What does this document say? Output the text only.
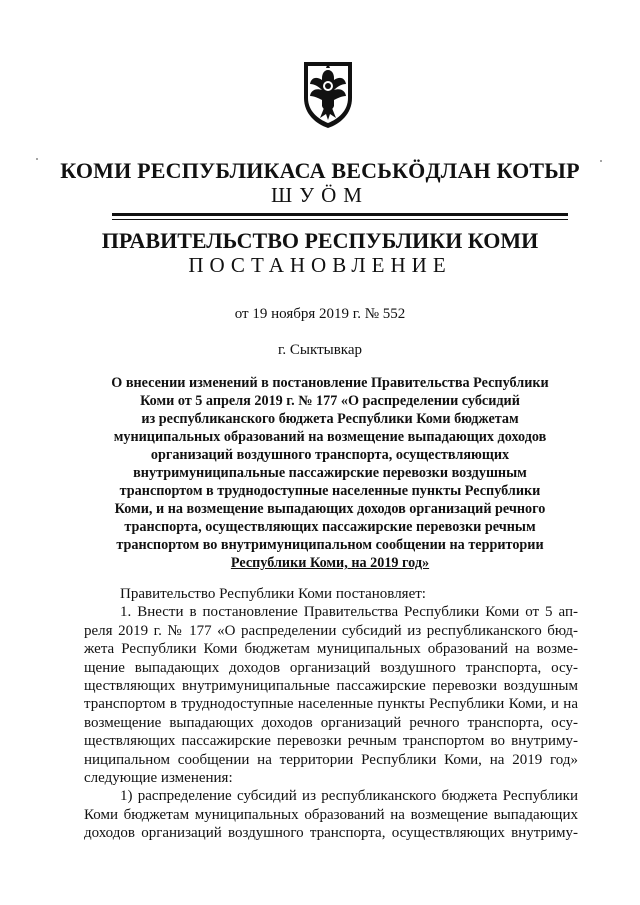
КОМИ РЕСПУБЛИКАСА ВЕСЬКӦДЛАН КОТЫР
ШУӦМ
ПРАВИТЕЛЬСТВО РЕСПУБЛИКИ КОМИ
ПОСТАНОВЛЕНИЕ
от 19 ноября 2019 г. № 552
г. Сыктывкар
О внесении изменений в постановление Правительства Республики
Коми от 5 апреля 2019 г. № 177 «О распределении субсидий
из республиканского бюджета Республики Коми бюджетам
муниципальных образований на возмещение выпадающих доходов
организаций воздушного транспорта, осуществляющих
внутримуниципальные пассажирские перевозки воздушным
транспортом в труднодоступные населенные пункты Республики
Коми, и на возмещение выпадающих доходов организаций речного
транспорта, осуществляющих пассажирские перевозки речным
транспортом во внутримуниципальном сообщении на территории
Республики Коми, на 2019 год»
Правительство Республики Коми постановляет:
1. Внести в постановление Правительства Республики Коми от 5 ап-
реля 2019 г. № 177 «О распределении субсидий из республиканского бюд-
жета Республики Коми бюджетам муниципальных образований на возме-
щение выпадающих доходов организаций воздушного транспорта, осу-
ществляющих внутримуниципальные пассажирские перевозки воздушным
транспортом в труднодоступные населенные пункты Республики Коми, и на
возмещение выпадающих доходов организаций речного транспорта, осу-
ществляющих пассажирские перевозки речным транспортом во внутриму-
ниципальном сообщении на территории Республики Коми, на 2019 год»
следующие изменения:
1) распределение субсидий из республиканского бюджета Республики
Коми бюджетам муниципальных образований на возмещение выпадающих
доходов организаций воздушного транспорта, осуществляющих внутриму-
